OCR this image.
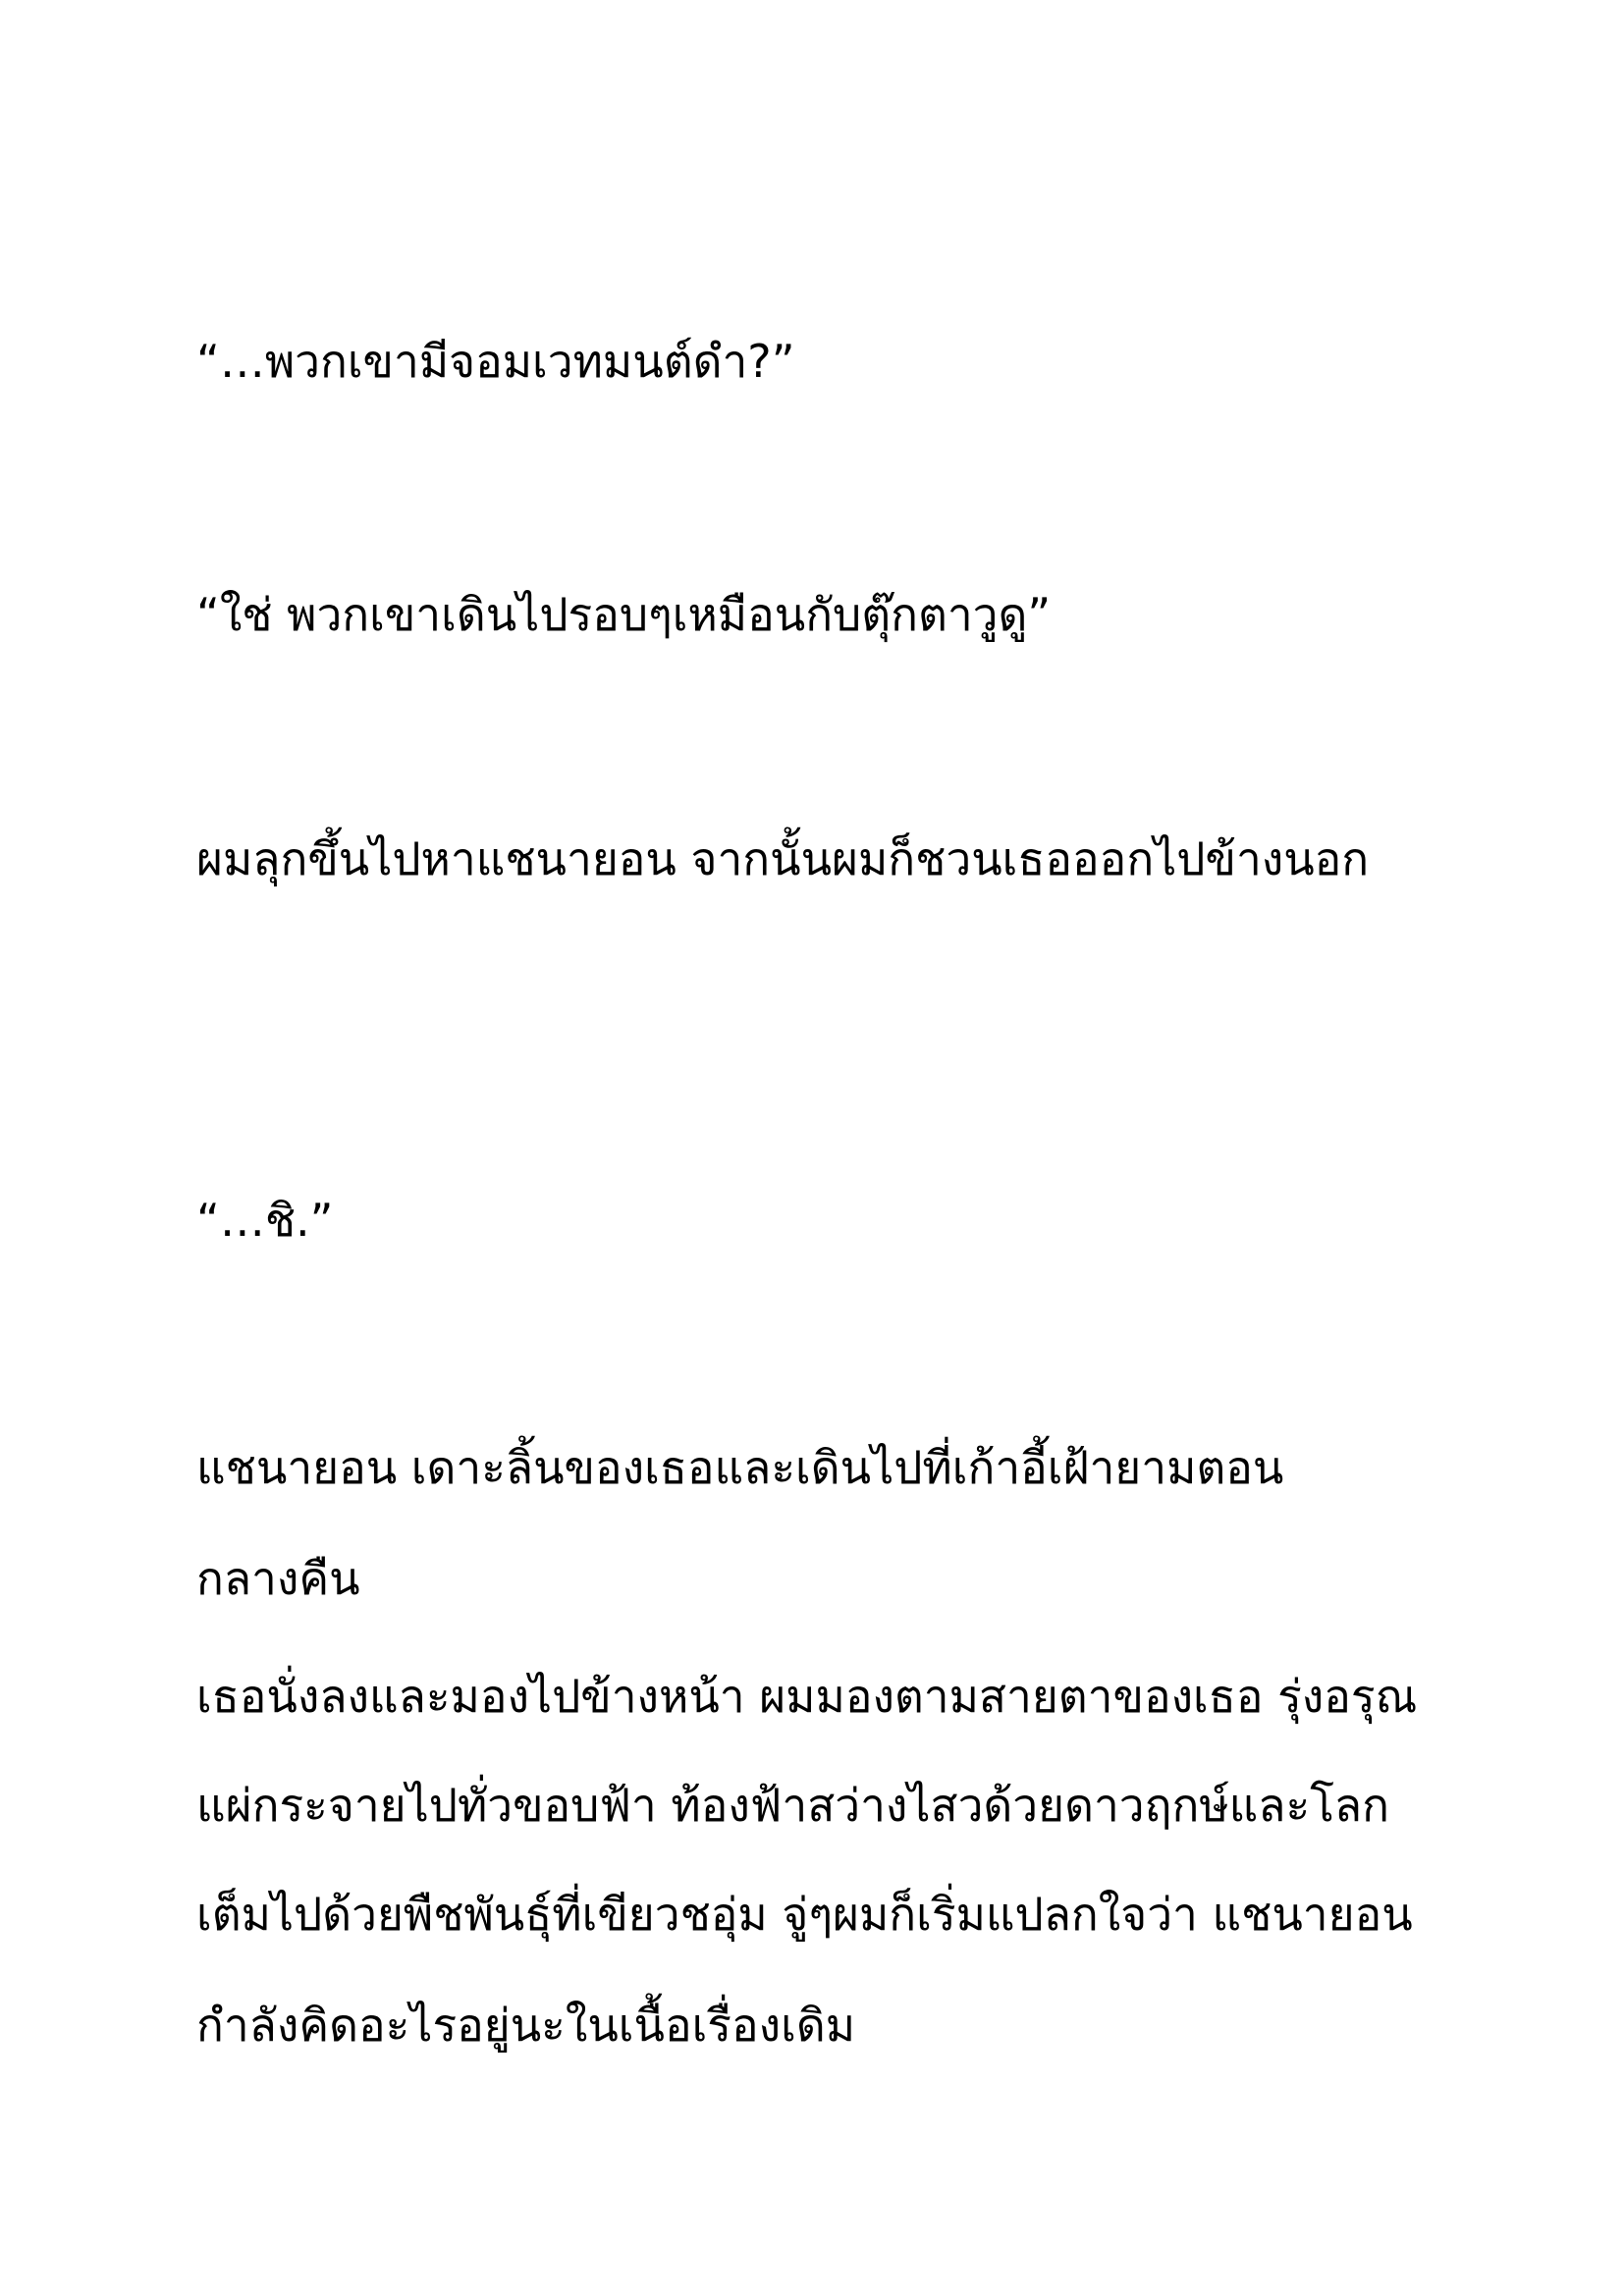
“…พวกเขามีจอมเวทมนต์ดำ?”
“ใช่ พวกเขาเดินไปรอบๆเหมือนกับตุ๊กตาวูดู”
ผมลุกขึ้นไปหาแชนายอน จากนั้นผมก็ชวนเธอออกไปข้างนอก
“…ชิ.”
แชนายอน เดาะลิ้นของเธอและเดินไปที่เก้าอี้เฝ้ายามตอน
กลางคืน
เธอนั่งลงและมองไปข้างหน้า ผมมองตามสายตาของเธอ รุ่งอรุณ
แผ่กระจายไปทั่วขอบฟ้า ท้องฟ้าสว่างไสวด้วยดาวฤกษ์และโลก
เต็มไปด้วยพืชพันธุ์ที่เขียวชอุ่ม จู่ๆผมก็เริ่มแปลกใจว่า แชนายอน
กำลังคิดอะไรอยู่นะในเนื้อเรื่องเดิม
